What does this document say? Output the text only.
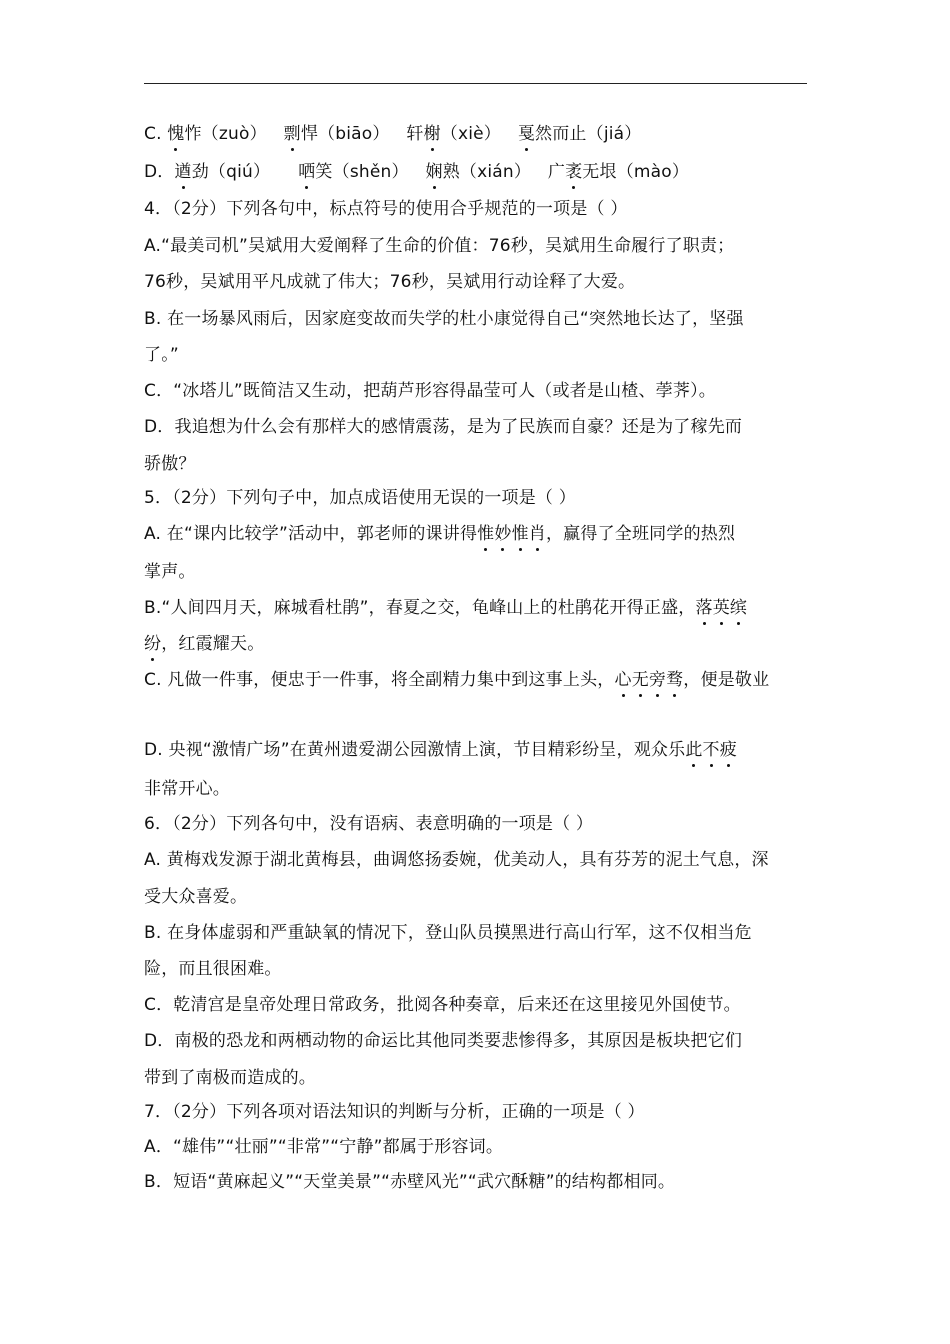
C. 愧怍（zuò）   剽悍（biāo）   轩榭（xiè）   戛然而止（jiá）
D．遒劲（qiú）     哂笑（shěn）   娴熟（xián）   广袤无垠（mào）
4．（2分）下列各句中，标点符号的使用合乎规范的一项是（ ）
A.“最美司机”吴斌用大爱阐释了生命的价值：76秒，吴斌用生命履行了职责；
76秒，吴斌用平凡成就了伟大；76秒，吴斌用行动诠释了大爱。
B. 在一场暴风雨后，因家庭变故而失学的杜小康觉得自己“突然地长达了，坚强
了。”
C．“冰塔儿”既简洁又生动，把葫芦形容得晶莹可人（或者是山楂、荸荠）。
D．我追想为什么会有那样大的感情震荡，是为了民族而自豪？还是为了稼先而
骄傲？
5．（2分）下列句子中，加点成语使用无误的一项是（ ）
A. 在“课内比较学”活动中，郭老师的课讲得惟妙惟肖，赢得了全班同学的热烈
掌声。
B.“人间四月天，麻城看杜鹃”，春夏之交，龟峰山上的杜鹃花开得正盛，落英缤
纷，红霞耀天。
C. 凡做一件事，便忠于一件事，将全副精力集中到这事上头，心无旁骛，便是敬业
D. 央视“激情广场”在黄州遗爱湖公园激情上演，节目精彩纷呈，观众乐此不疲
非常开心。
6．（2分）下列各句中，没有语病、表意明确的一项是（ ）
A. 黄梅戏发源于湖北黄梅县，曲调悠扬委婉，优美动人，具有芬芳的泥土气息，深
受大众喜爱。
B. 在身体虚弱和严重缺氧的情况下，登山队员摸黑进行高山行军，这不仅相当危
险，而且很困难。
C．乾清宫是皇帝处理日常政务，批阅各种奏章，后来还在这里接见外国使节。
D．南极的恐龙和两栖动物的命运比其他同类要悲惨得多，其原因是板块把它们
带到了南极而造成的。
7．（2分）下列各项对语法知识的判断与分析，正确的一项是（ ）
A．“雄伟”“壮丽”“非常”“宁静”都属于形容词。
B．短语“黄麻起义”“天堂美景”“赤壁风光”“武穴酥糖”的结构都相同。
